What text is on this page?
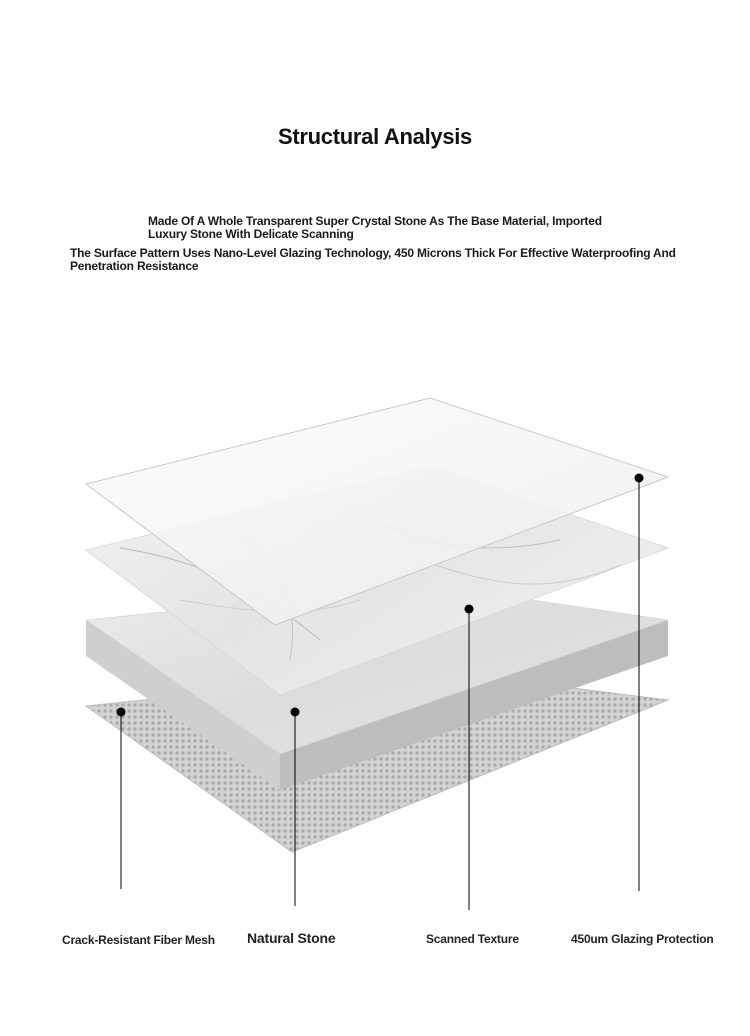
Structural Analysis

Made Of A Whole Transparent Super Crystal Stone As The Base Material, Imported Luxury Stone With Delicate Scanning

The Surface Pattern Uses Nano-Level Glazing Technology, 450 Microns Thick For Effective Waterproofing And Penetration Resistance

Crack-Resistant Fiber Mesh Natural Stone	Scanned Texture	450um Glazing Protection
